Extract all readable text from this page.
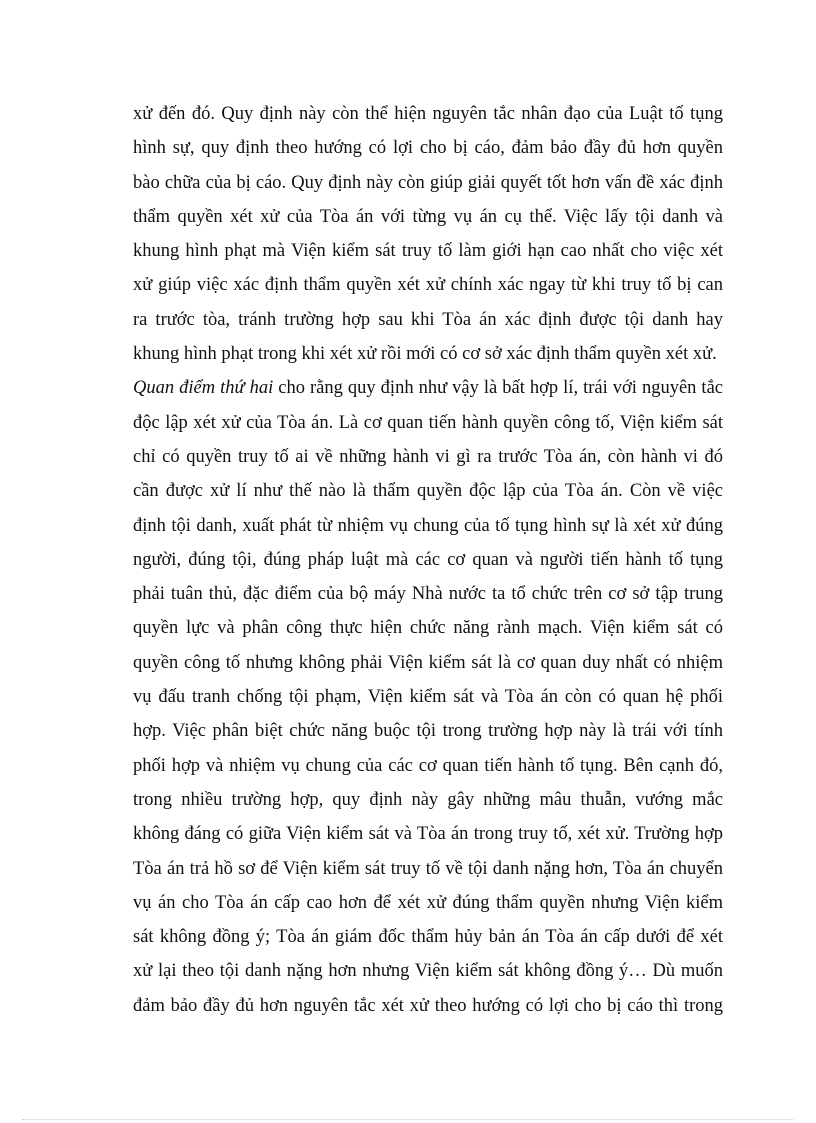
xử đến đó. Quy định này còn thể hiện nguyên tắc nhân đạo của Luật tố tụng
hình sự, quy định theo hướng có lợi cho bị cáo, đảm bảo đầy đủ hơn quyền
bào chữa của bị cáo. Quy định này còn giúp giải quyết tốt hơn vấn đề xác định
thẩm quyền xét xử của Tòa án với từng vụ án cụ thể. Việc lấy tội danh và
khung hình phạt mà Viện kiểm sát truy tố làm giới hạn cao nhất cho việc xét
xử giúp việc xác định thẩm quyền xét xử chính xác ngay từ khi truy tố bị can
ra trước tòa, tránh trường hợp sau khi Tòa án xác định được tội danh hay
khung hình phạt trong khi xét xử rồi mới có cơ sở xác định thẩm quyền xét xử.
Quan điểm thứ hai cho rằng quy định như vậy là bất hợp lí, trái với nguyên tắc
độc lập xét xử của Tòa án. Là cơ quan tiến hành quyền công tố, Viện kiểm sát
chỉ có quyền truy tố ai về những hành vi gì ra trước Tòa án, còn hành vi đó
cần được xử lí như thế nào là thẩm quyền độc lập của Tòa án. Còn về việc
định tội danh, xuất phát từ nhiệm vụ chung của tố tụng hình sự là xét xử đúng
người, đúng tội, đúng pháp luật mà các cơ quan và người tiến hành tố tụng
phải tuân thủ, đặc điểm của bộ máy Nhà nước ta tổ chức trên cơ sở tập trung
quyền lực và phân công thực hiện chức năng rành mạch. Viện kiểm sát có
quyền công tố nhưng không phải Viện kiểm sát là cơ quan duy nhất có nhiệm
vụ đấu tranh chống tội phạm, Viện kiểm sát và Tòa án còn có quan hệ phối
hợp. Việc phân biệt chức năng buộc tội trong trường hợp này là trái với tính
phối hợp và nhiệm vụ chung của các cơ quan tiến hành tố tụng. Bên cạnh đó,
trong nhiều trường hợp, quy định này gây những mâu thuẫn, vướng mắc
không đáng có giữa Viện kiểm sát và Tòa án trong truy tố, xét xử. Trường hợp
Tòa án trả hồ sơ để Viện kiểm sát truy tố về tội danh nặng hơn, Tòa án chuyển
vụ án cho Tòa án cấp cao hơn để xét xử đúng thẩm quyền nhưng Viện kiểm
sát không đồng ý; Tòa án giám đốc thẩm hủy bản án Tòa án cấp dưới để xét
xử lại theo tội danh nặng hơn nhưng Viện kiểm sát không đồng ý… Dù muốn
đảm bảo đầy đủ hơn nguyên tắc xét xử theo hướng có lợi cho bị cáo thì trong
